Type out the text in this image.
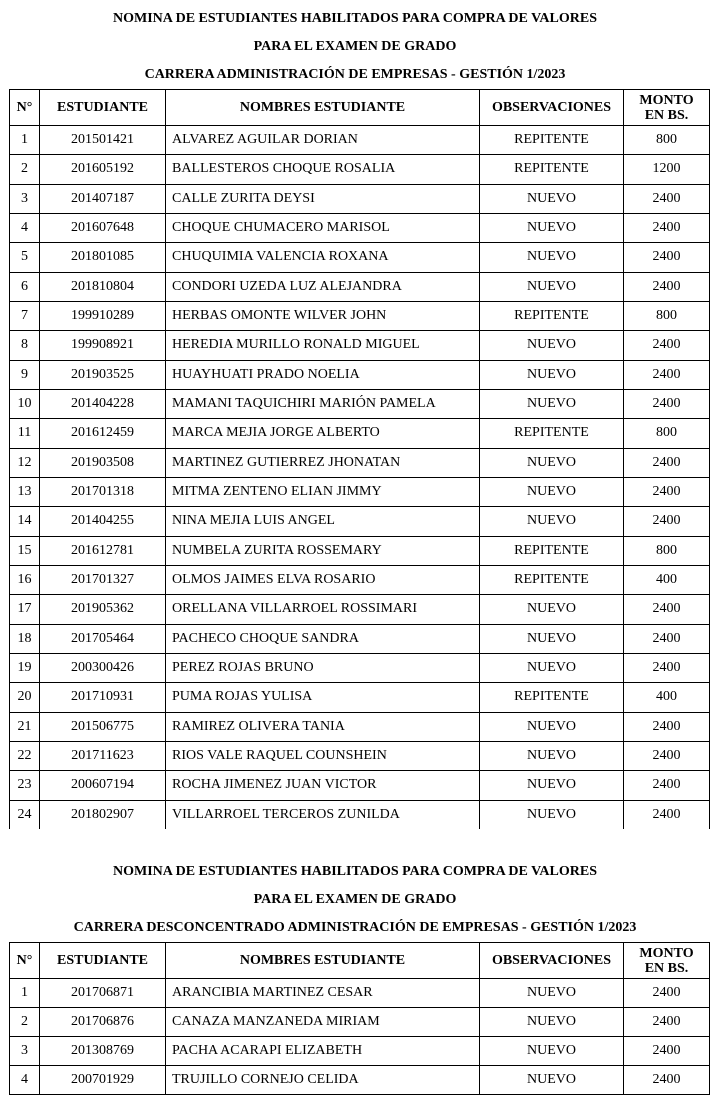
NOMINA DE ESTUDIANTES HABILITADOS PARA COMPRA DE VALORES
PARA EL EXAMEN DE GRADO
CARRERA ADMINISTRACIÓN DE EMPRESAS - GESTIÓN 1/2023
N°	ESTUDIANTE	NOMBRES ESTUDIANTE	OBSERVACIONES	MONTO
EN BS.

1	201501421	ALVAREZ AGUILAR DORIAN	REPITENTE	800
2	201605192	BALLESTEROS CHOQUE ROSALIA	REPITENTE	1200
3	201407187	CALLE ZURITA DEYSI	NUEVO	2400
4	201607648	CHOQUE CHUMACERO MARISOL	NUEVO	2400
5	201801085	CHUQUIMIA VALENCIA ROXANA	NUEVO	2400
6	201810804	CONDORI UZEDA LUZ ALEJANDRA	NUEVO	2400
7	199910289	HERBAS OMONTE WILVER JOHN	REPITENTE	800
8	199908921	HEREDIA MURILLO RONALD MIGUEL	NUEVO	2400
9	201903525	HUAYHUATI PRADO NOELIA	NUEVO	2400
10	201404228	MAMANI TAQUICHIRI MARIÓN PAMELA	NUEVO	2400
11	201612459	MARCA MEJIA JORGE ALBERTO	REPITENTE	800
12	201903508	MARTINEZ GUTIERREZ JHONATAN	NUEVO	2400
13	201701318	MITMA ZENTENO ELIAN JIMMY	NUEVO	2400
14	201404255	NINA MEJIA LUIS ANGEL	NUEVO	2400
15	201612781	NUMBELA ZURITA ROSSEMARY	REPITENTE	800
16	201701327	OLMOS JAIMES ELVA ROSARIO	REPITENTE	400
17	201905362	ORELLANA VILLARROEL ROSSIMARI	NUEVO	2400
18	201705464	PACHECO CHOQUE SANDRA	NUEVO	2400
19	200300426	PEREZ ROJAS BRUNO	NUEVO	2400
20	201710931	PUMA ROJAS YULISA	REPITENTE	400
21	201506775	RAMIREZ OLIVERA TANIA	NUEVO	2400
22	201711623	RIOS VALE RAQUEL COUNSHEIN	NUEVO	2400
23	200607194	ROCHA JIMENEZ JUAN VICTOR	NUEVO	2400
24	201802907	VILLARROEL TERCEROS ZUNILDA	NUEVO	2400
NOMINA DE ESTUDIANTES HABILITADOS PARA COMPRA DE VALORES
PARA EL EXAMEN DE GRADO
CARRERA DESCONCENTRADO ADMINISTRACIÓN DE EMPRESAS - GESTIÓN 1/2023
N°	ESTUDIANTE	NOMBRES ESTUDIANTE	OBSERVACIONES	MONTO
EN BS.

1	201706871	ARANCIBIA MARTINEZ CESAR	NUEVO	2400
2	201706876	CANAZA MANZANEDA MIRIAM	NUEVO	2400
3	201308769	PACHA ACARAPI ELIZABETH	NUEVO	2400
4	200701929	TRUJILLO CORNEJO CELIDA	NUEVO	2400
